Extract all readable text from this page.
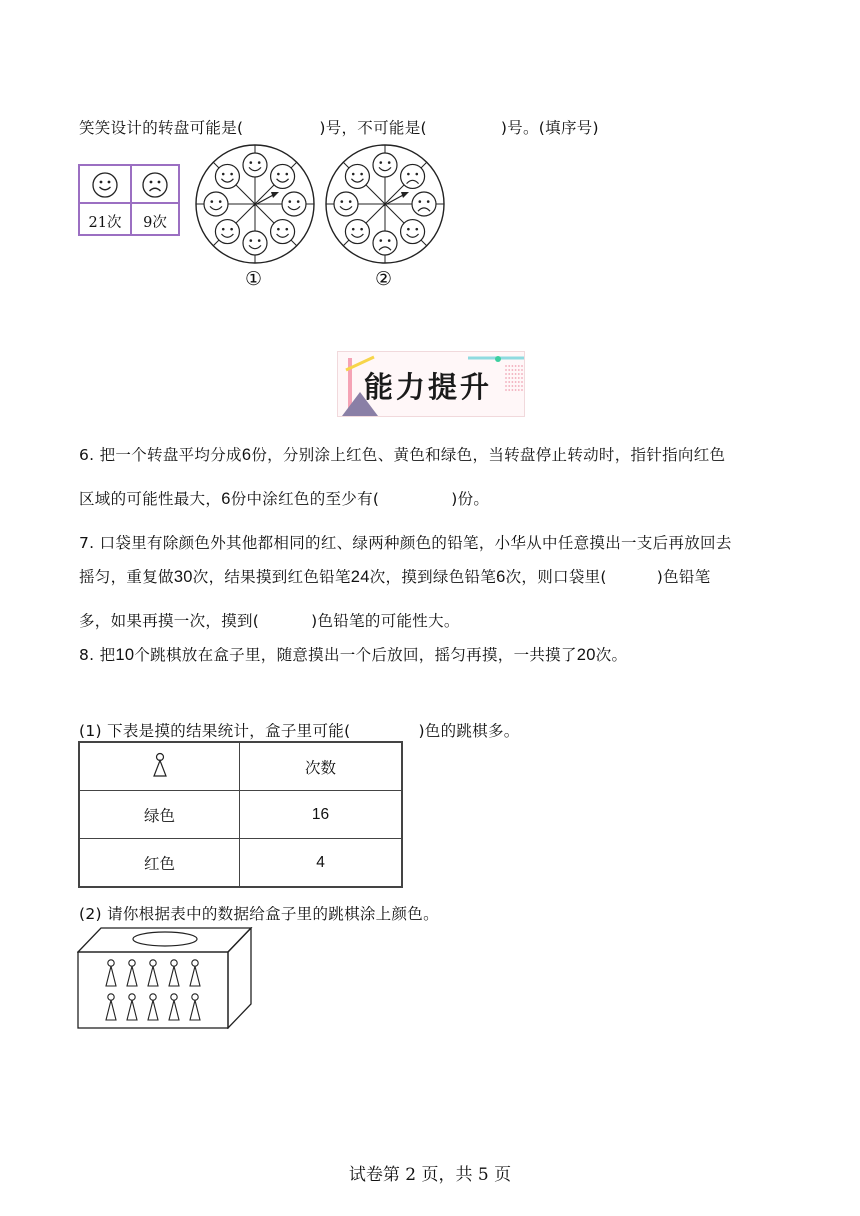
笑笑设计的转盘可能是(	)号，不可能是(	)号。(填序号)
21次	9次
①	②
能力提升
6. 把一个转盘平均分成6份，分别涂上红色、黄色和绿色，当转盘停止转动时，指针指向红色
区域的可能性最大，6份中涂红色的至少有(	)份。
7. 口袋里有除颜色外其他都相同的红、绿两种颜色的铅笔，小华从中任意摸出一支后再放回去
摇匀，重复做30次，结果摸到红色铅笔24次，摸到绿色铅笔6次，则口袋里(	)色铅笔
多，如果再摸一次，摸到(	)色铅笔的可能性大。
8. 把10个跳棋放在盒子里，随意摸出一个后放回，摇匀再摸，一共摸了20次。
(1) 下表是摸的结果统计，盒子里可能(	)色的跳棋多。
	次数
绿色	16
红色	4
(2) 请你根据表中的数据给盒子里的跳棋涂上颜色。
试卷第 2 页，共 5 页
